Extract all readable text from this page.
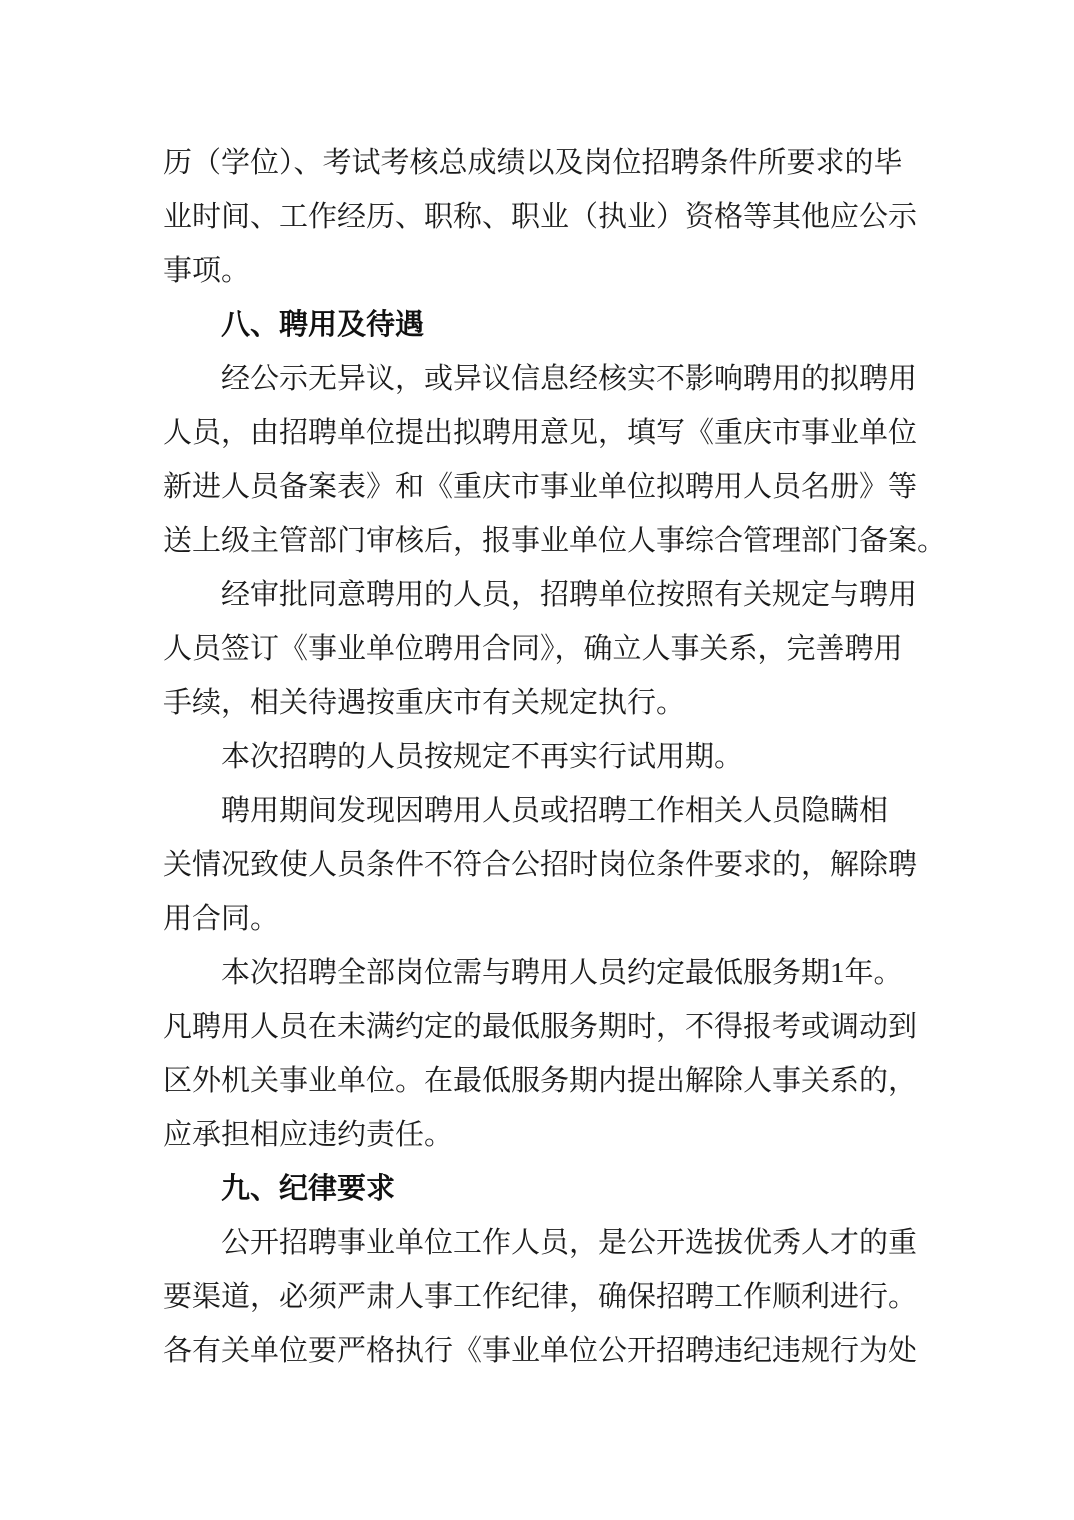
历（学位）、考试考核总成绩以及岗位招聘条件所要求的毕
业时间、工作经历、职称、职业（执业）资格等其他应公示
事项。
八、聘用及待遇
经公示无异议，或异议信息经核实不影响聘用的拟聘用
人员，由招聘单位提出拟聘用意见，填写《重庆市事业单位
新进人员备案表》和《重庆市事业单位拟聘用人员名册》等
送上级主管部门审核后，报事业单位人事综合管理部门备案。
经审批同意聘用的人员，招聘单位按照有关规定与聘用
人员签订《事业单位聘用合同》，确立人事关系，完善聘用
手续，相关待遇按重庆市有关规定执行。
本次招聘的人员按规定不再实行试用期。
聘用期间发现因聘用人员或招聘工作相关人员隐瞒相
关情况致使人员条件不符合公招时岗位条件要求的，解除聘
用合同。
本次招聘全部岗位需与聘用人员约定最低服务期1年。
凡聘用人员在未满约定的最低服务期时，不得报考或调动到
区外机关事业单位。在最低服务期内提出解除人事关系的，
应承担相应违约责任。
九、纪律要求
公开招聘事业单位工作人员，是公开选拔优秀人才的重
要渠道，必须严肃人事工作纪律，确保招聘工作顺利进行。
各有关单位要严格执行《事业单位公开招聘违纪违规行为处
